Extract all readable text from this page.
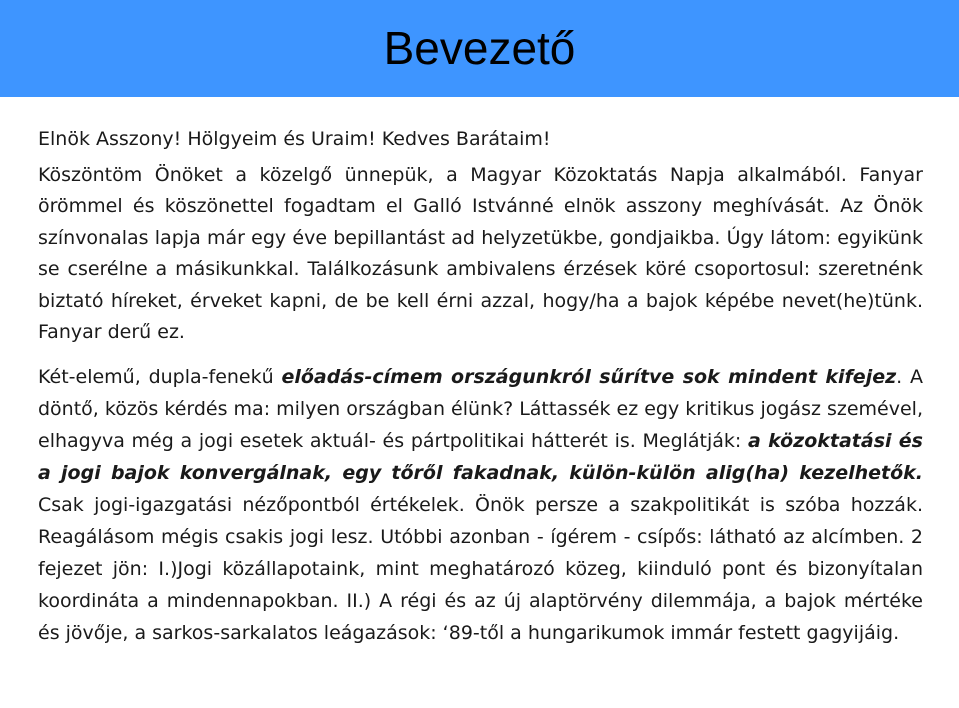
Bevezető

Elnök Asszony! Hölgyeim és Uraim! Kedves Barátaim!

Köszöntöm Önöket a közelgő ünnepük, a Magyar Közoktatás Napja alkalmából. Fanyar örömmel és köszönettel fogadtam el Galló Istvánné elnök asszony meghívását. Az Önök színvonalas lapja már egy éve bepillantást ad helyzetükbe, gondjaikba. Úgy látom: egyikünk se cserélne a másikunkkal. Találkozásunk ambivalens érzések köré csoportosul: szeretnénk biztató híreket, érveket kapni, de be kell érni azzal, hogy/ha a bajok képébe nevet(he)tünk. Fanyar derű ez.

Két-elemű, dupla-fenekű előadás-címem országunkról sűrítve sok mindent kifejez. A döntő, közös kérdés ma: milyen országban élünk? Láttassék ez egy kritikus jogász szemével, elhagyva még a jogi esetek aktuál- és pártpolitikai hátterét is. Meglátják: a közoktatási és a jogi bajok konvergálnak, egy tőről fakadnak, külön-külön alig(ha) kezelhetők. Csak jogi-igazgatási nézőpontból értékelek. Önök persze a szakpolitikát is szóba hozzák. Reagálásom mégis csakis jogi lesz. Utóbbi azonban - ígérem - csípős: látható az alcímben. 2 fejezet jön: I.)Jogi közállapotaink, mint meghatározó közeg, kiinduló pont és bizonyítalan koordináta a mindennapokban. II.) A régi és az új alaptörvény dilemmája, a bajok mértéke és jövője, a sarkos-sarkalatos leágazások: ‘89-től a hungarikumok immár festett gagyijáig.
